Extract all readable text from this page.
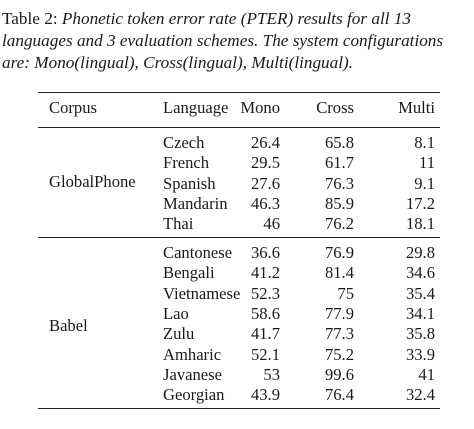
Table 2: Phonetic token error rate (PTER) results for all 13 languages and 3 evaluation schemes. The system configurations are: Mono(lingual), Cross(lingual), Multi(lingual).
Corpus	Language Mono Cross	Multi
GlobalPhone
Czech	26.4	65.8	8.1
French	29.5	61.7	11
Spanish 27.6	76.3	9.1
Mandarin 46.3	85.9	17.2
Thai	46	76.2	18.1
Babel
Cantonese 36.6	76.9	29.8
Bengali 41.2	81.4	34.6
Vietnamese 52.3	75	35.4
Lao	58.6	77.9	34.1
Zulu	41.7	77.3	35.8
Amharic 52.1	75.2	33.9
Javanese 53	99.6	41
Georgian 43.9	76.4	32.4
